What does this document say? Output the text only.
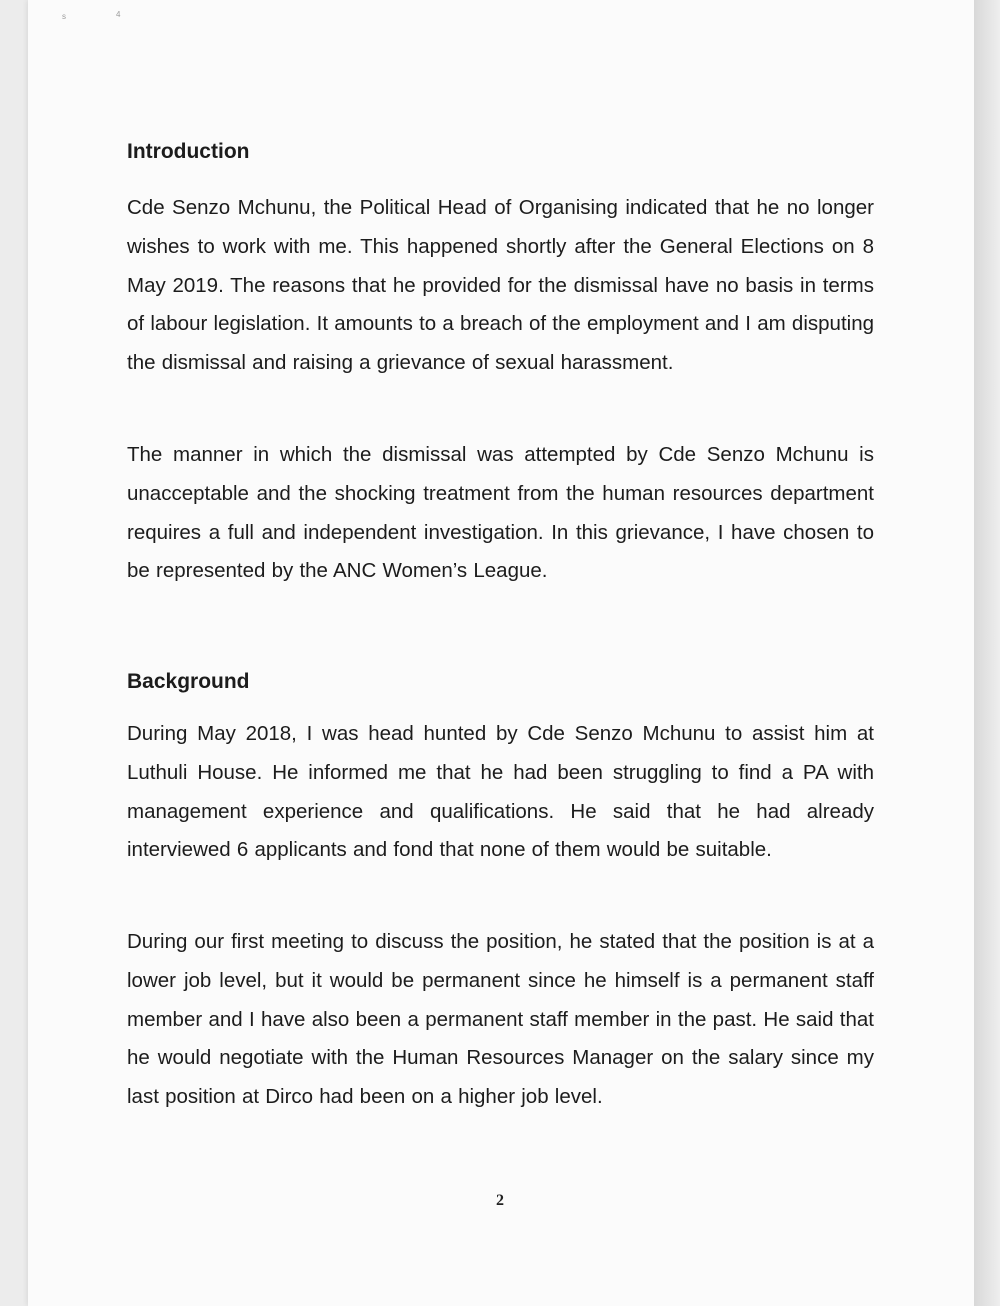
s	4
Introduction

Cde Senzo Mchunu, the Political Head of Organising indicated that he no longer wishes to work with me. This happened shortly after the General Elections on 8 May 2019. The reasons that he provided for the dismissal have no basis in terms of labour legislation. It amounts to a breach of the employment and I am disputing the dismissal and raising a grievance of sexual harassment.

The manner in which the dismissal was attempted by Cde Senzo Mchunu is unacceptable and the shocking treatment from the human resources department requires a full and independent investigation. In this grievance, I have chosen to be represented by the ANC Women’s League.

Background

During May 2018, I was head hunted by Cde Senzo Mchunu to assist him at Luthuli House. He informed me that he had been struggling to find a PA with management experience and qualifications. He said that he had already interviewed 6 applicants and fond that none of them would be suitable.

During our first meeting to discuss the position, he stated that the position is at a lower job level, but it would be permanent since he himself is a permanent staff member and I have also been a permanent staff member in the past. He said that he would negotiate with the Human Resources Manager on the salary since my last position at Dirco had been on a higher job level.

2
